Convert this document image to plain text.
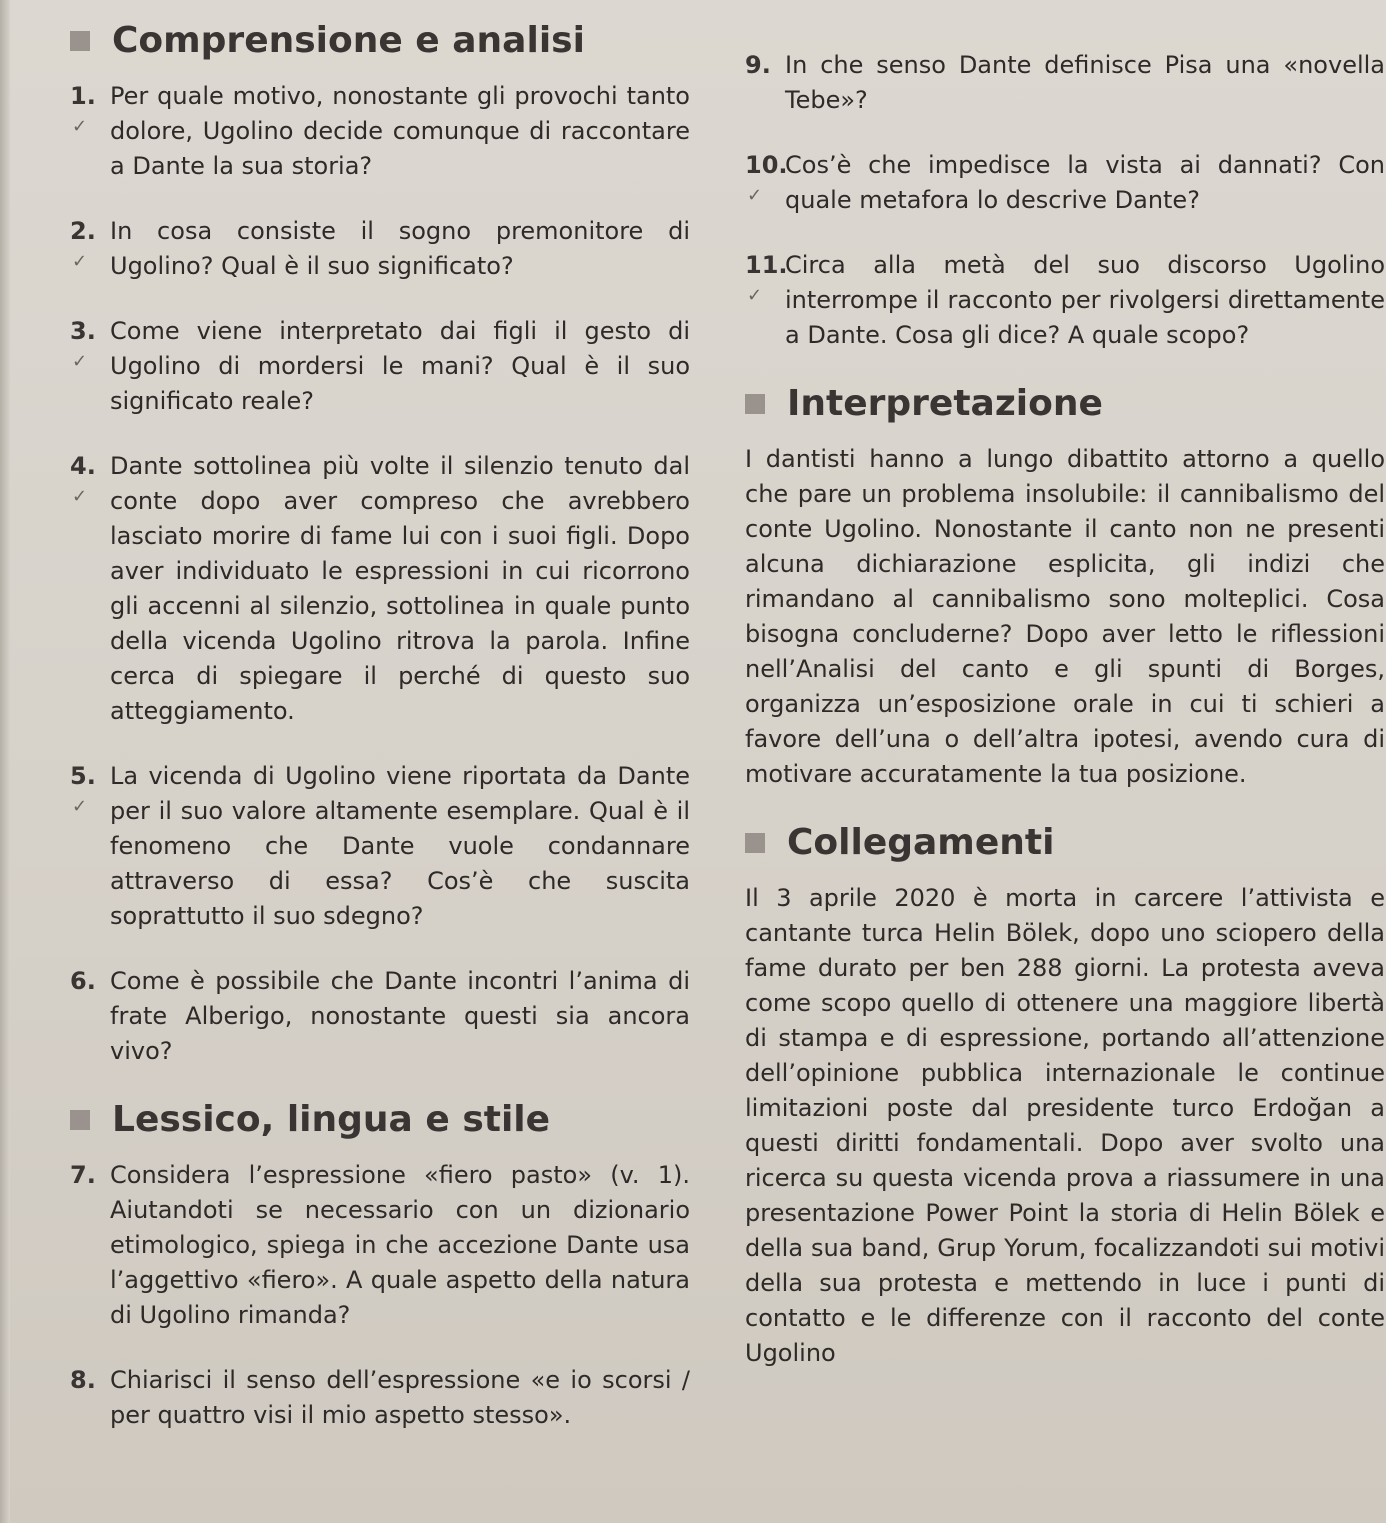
Comprensione e analisi
1.
✓
Per quale motivo, nonostante gli provochi tanto dolore, Ugolino decide comunque di raccontare a Dante la sua storia?
2.
✓
In cosa consiste il sogno premonitore di Ugolino? Qual è il suo significato?
3.
✓
Come viene interpretato dai figli il gesto di Ugolino di mordersi le mani? Qual è il suo significato reale?
4.
✓
Dante sottolinea più volte il silenzio tenuto dal conte dopo aver compreso che avrebbero lasciato morire di fame lui con i suoi figli. Dopo aver individuato le espressioni in cui ricorrono gli accenni al silenzio, sottolinea in quale punto della vicenda Ugolino ritrova la parola. Infine cerca di spiegare il perché di questo suo atteggiamento.
5.
✓
La vicenda di Ugolino viene riportata da Dante per il suo valore altamente esemplare. Qual è il fenomeno che Dante vuole condannare attraverso di essa? Cos’è che suscita soprattutto il suo sdegno?
6. Come è possibile che Dante incontri l’anima di frate Alberigo, nonostante questi sia ancora vivo?
Lessico, lingua e stile
7. Considera l’espressione «fiero pasto» (v. 1). Aiutandoti se necessario con un dizionario etimologico, spiega in che accezione Dante usa l’aggettivo «fiero». A quale aspetto della natura di Ugolino rimanda?
8. Chiarisci il senso dell’espressione «e io scorsi / per quattro visi il mio aspetto stesso».
9. In che senso Dante definisce Pisa una «novella Tebe»?
10.
✓
Cos’è che impedisce la vista ai dannati? Con quale metafora lo descrive Dante?
11.
✓
Circa alla metà del suo discorso Ugolino interrompe il racconto per rivolgersi direttamente a Dante. Cosa gli dice? A quale scopo?
Interpretazione

I dantisti hanno a lungo dibattito attorno a quello che pare un problema insolubile: il cannibalismo del conte Ugolino. Nonostante il canto non ne presenti alcuna dichiarazione esplicita, gli indizi che rimandano al cannibalismo sono molteplici. Cosa bisogna concluderne? Dopo aver letto le riflessioni nell’Analisi del canto e gli spunti di Borges, organizza un’esposizione orale in cui ti schieri a favore dell’una o dell’altra ipotesi, avendo cura di motivare accuratamente la tua posizione.

Collegamenti

Il 3 aprile 2020 è morta in carcere l’attivista e cantante turca Helin Bölek, dopo uno sciopero della fame durato per ben 288 giorni. La protesta aveva come scopo quello di ottenere una maggiore libertà di stampa e di espressione, portando all’attenzione dell’opinione pubblica internazionale le continue limitazioni poste dal presidente turco Erdoğan a questi diritti fondamentali. Dopo aver svolto una ricerca su questa vicenda prova a riassumere in una presentazione Power Point la storia di Helin Bölek e della sua band, Grup Yorum, focalizzandoti sui motivi della sua protesta e mettendo in luce i punti di contatto e le differenze con il racconto del conte Ugolino
